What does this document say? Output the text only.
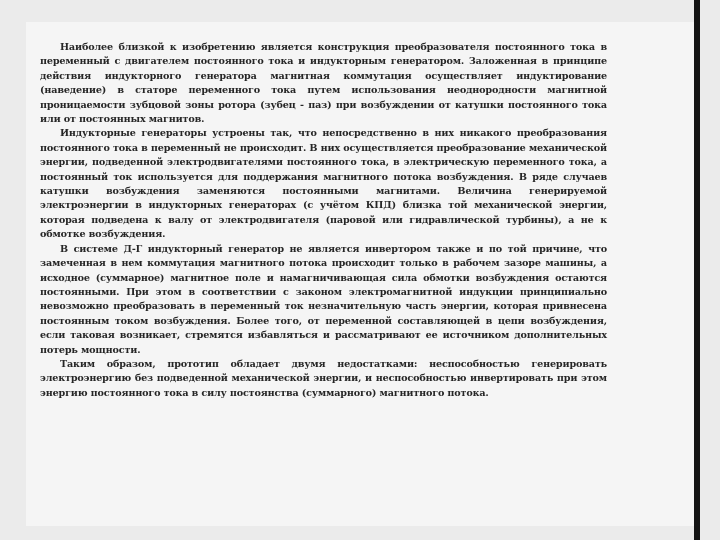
Наиболее близкой к изобретению является конструкция преобразователя постоянного тока в переменный с двигателем постоянного тока и индукторным генератором. Заложенная в принципе действия индукторного генератора магнитная коммутация осуществляет индуктирование (наведение) в статоре переменного тока путем использования неоднородности магнитной проницаемости зубцовой зоны ротора (зубец - паз) при возбуждении от катушки постоянного тока или от постоянных магнитов.

Индукторные генераторы устроены так, что непосредственно в них никакого преобразования постоянного тока в переменный не происходит. В них осуществляется преобразование механической энергии, подведенной электродвигателями постоянного тока, в электрическую переменного тока, а постоянный ток используется для поддержания магнитного потока возбуждения. В ряде случаев катушки возбуждения заменяются постоянными магнитами. Величина генерируемой электроэнергии в индукторных генераторах (с учётом КПД) близка той механической энергии, которая подведена к валу от электродвигателя (паровой или гидравлической турбины), а не к обмотке возбуждения.

В системе Д-Г индукторный генератор не является инвертором также и по той причине, что замеченная в нем коммутация магнитного потока происходит только в рабочем зазоре машины, а исходное (суммарное) магнитное поле и намагничивающая сила обмотки возбуждения остаются постоянными. При этом в соответствии с законом электромагнитной индукции принципиально невозможно преобразовать в переменный ток незначительную часть энергии, которая привнесена постоянным током возбуждения. Более того, от переменной составляющей в цепи возбуждения, если таковая возникает, стремятся избавляться и рассматривают ее источником дополнительных потерь мощности.

Таким образом, прототип обладает двумя недостатками: неспособностью генерировать электроэнергию без подведенной механической энергии, и неспособностью инвертировать при этом энергию постоянного тока в силу постоянства (суммарного) магнитного потока.
